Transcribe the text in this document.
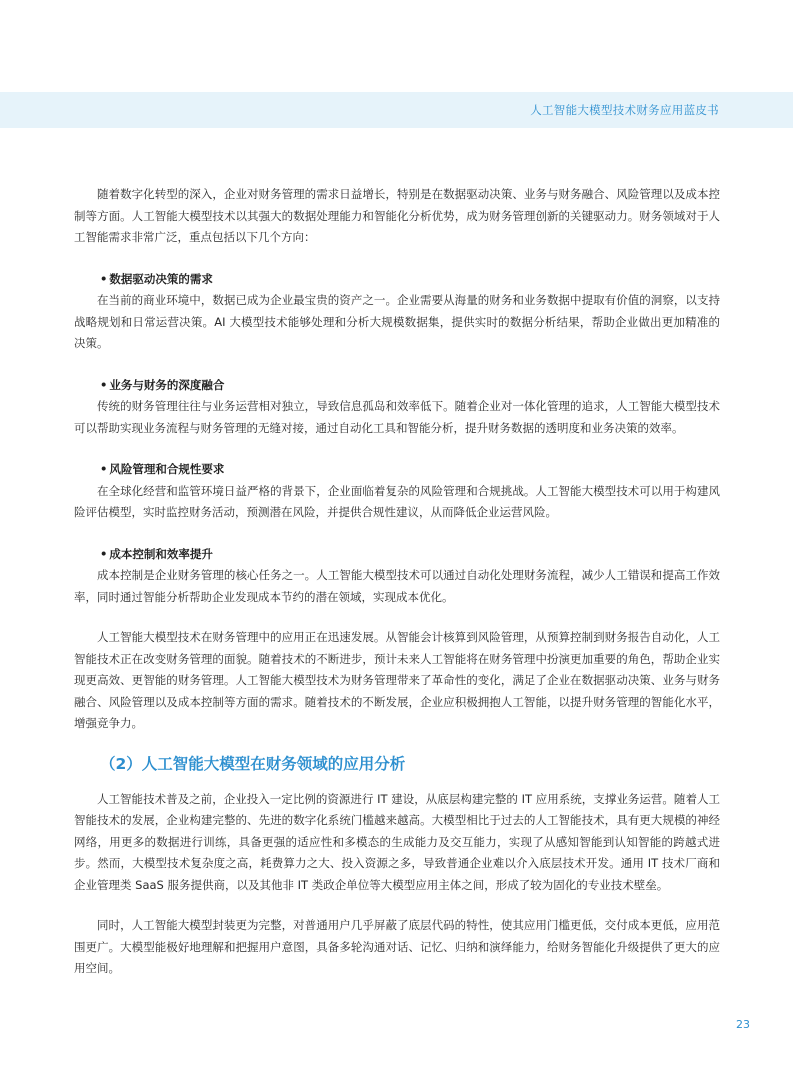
人工智能大模型技术财务应用蓝皮书

随着数字化转型的深入，企业对财务管理的需求日益增长，特别是在数据驱动决策、业务与财务融合、风险管理以及成本控制等方面。人工智能大模型技术以其强大的数据处理能力和智能化分析优势，成为财务管理创新的关键驱动力。财务领域对于人工智能需求非常广泛，重点包括以下几个方向：

• 数据驱动决策的需求

在当前的商业环境中，数据已成为企业最宝贵的资产之一。企业需要从海量的财务和业务数据中提取有价值的洞察，以支持战略规划和日常运营决策。AI 大模型技术能够处理和分析大规模数据集，提供实时的数据分析结果，帮助企业做出更加精准的决策。

• 业务与财务的深度融合

传统的财务管理往往与业务运营相对独立，导致信息孤岛和效率低下。随着企业对一体化管理的追求，人工智能大模型技术可以帮助实现业务流程与财务管理的无缝对接，通过自动化工具和智能分析，提升财务数据的透明度和业务决策的效率。

• 风险管理和合规性要求

在全球化经营和监管环境日益严格的背景下，企业面临着复杂的风险管理和合规挑战。人工智能大模型技术可以用于构建风险评估模型，实时监控财务活动，预测潜在风险，并提供合规性建议，从而降低企业运营风险。

• 成本控制和效率提升

成本控制是企业财务管理的核心任务之一。人工智能大模型技术可以通过自动化处理财务流程，减少人工错误和提高工作效率，同时通过智能分析帮助企业发现成本节约的潜在领域，实现成本优化。

人工智能大模型技术在财务管理中的应用正在迅速发展。从智能会计核算到风险管理，从预算控制到财务报告自动化，人工智能技术正在改变财务管理的面貌。随着技术的不断进步，预计未来人工智能将在财务管理中扮演更加重要的角色，帮助企业实现更高效、更智能的财务管理。人工智能大模型技术为财务管理带来了革命性的变化，满足了企业在数据驱动决策、业务与财务融合、风险管理以及成本控制等方面的需求。随着技术的不断发展，企业应积极拥抱人工智能，以提升财务管理的智能化水平，增强竞争力。

（2）人工智能大模型在财务领域的应用分析

人工智能技术普及之前，企业投入一定比例的资源进行 IT 建设，从底层构建完整的 IT 应用系统，支撑业务运营。随着人工智能技术的发展，企业构建完整的、先进的数字化系统门槛越来越高。大模型相比于过去的人工智能技术，具有更大规模的神经网络，用更多的数据进行训练，具备更强的适应性和多模态的生成能力及交互能力，实现了从感知智能到认知智能的跨越式进步。然而，大模型技术复杂度之高，耗费算力之大、投入资源之多，导致普通企业难以介入底层技术开发。通用 IT 技术厂商和企业管理类 SaaS 服务提供商，以及其他非 IT 类政企单位等大模型应用主体之间，形成了较为固化的专业技术壁垒。

同时，人工智能大模型封装更为完整，对普通用户几乎屏蔽了底层代码的特性，使其应用门槛更低，交付成本更低，应用范围更广。大模型能极好地理解和把握用户意图，具备多轮沟通对话、记忆、归纳和演绎能力，给财务智能化升级提供了更大的应用空间。

23
